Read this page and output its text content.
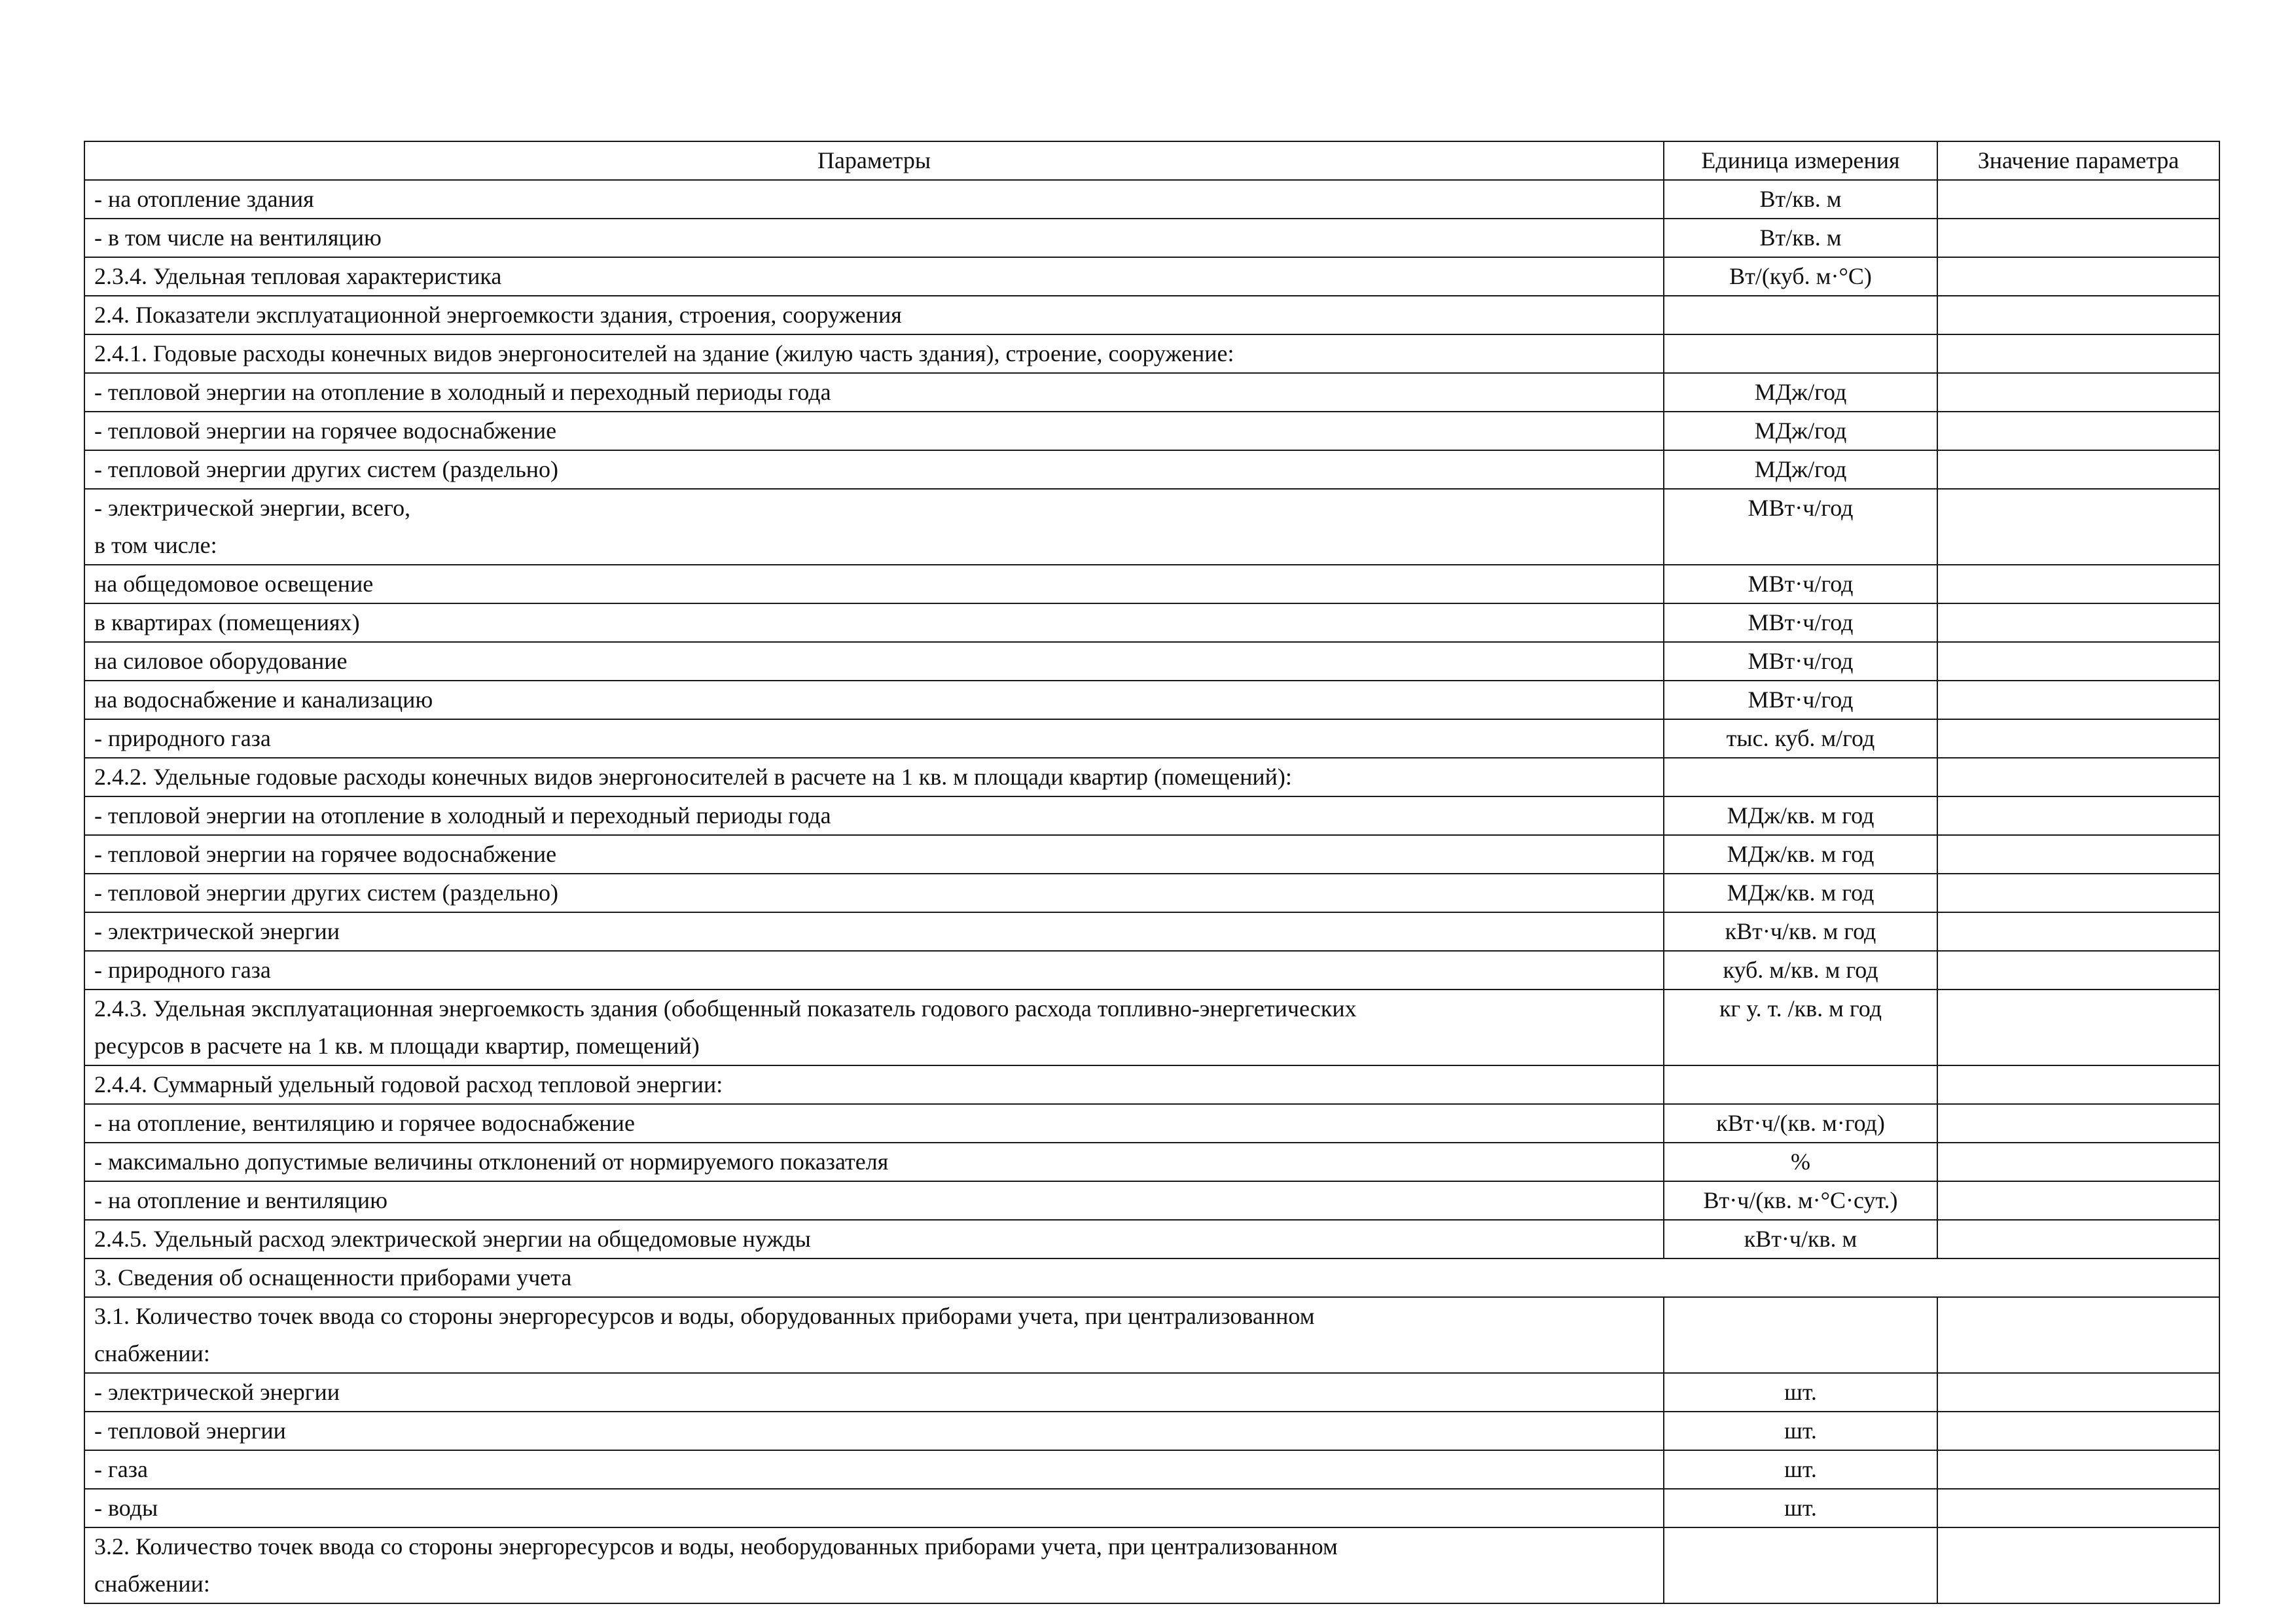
Параметры	Единица измерения	Значение параметра

- на отопление здания	Вт/кв. м	

- в том числе на вентиляцию	Вт/кв. м	

2.3.4. Удельная тепловая характеристика	Вт/(куб. м·°С)	

2.4. Показатели эксплуатационной энергоемкости здания, строения, сооружения		

2.4.1. Годовые расходы конечных видов энергоносителей на здание (жилую часть здания), строение, сооружение:		

- тепловой энергии на отопление в холодный и переходный периоды года	МДж/год	

- тепловой энергии на горячее водоснабжение	МДж/год	

- тепловой энергии других систем (раздельно)	МДж/год	

- электрической энергии, всего,
в том числе:	МВт·ч/год	

на общедомовое освещение	МВт·ч/год	

в квартирах (помещениях)	МВт·ч/год	

на силовое оборудование	МВт·ч/год	

на водоснабжение и канализацию	МВт·ч/год	

- природного газа	тыс. куб. м/год	

2.4.2. Удельные годовые расходы конечных видов энергоносителей в расчете на 1 кв. м площади квартир (помещений):		

- тепловой энергии на отопление в холодный и переходный периоды года	МДж/кв. м год	

- тепловой энергии на горячее водоснабжение	МДж/кв. м год	

- тепловой энергии других систем (раздельно)	МДж/кв. м год	

- электрической энергии	кВт·ч/кв. м год	

- природного газа	куб. м/кв. м год	

2.4.3. Удельная эксплуатационная энергоемкость здания (обобщенный показатель годового расхода топливно-энергетических
ресурсов в расчете на 1 кв. м площади квартир, помещений)	кг у. т. /кв. м год	

2.4.4. Суммарный удельный годовой расход тепловой энергии:		

- на отопление, вентиляцию и горячее водоснабжение	кВт·ч/(кв. м·год)	

- максимально допустимые величины отклонений от нормируемого показателя	%	

- на отопление и вентиляцию	Вт·ч/(кв. м·°С·сут.)	

2.4.5. Удельный расход электрической энергии на общедомовые нужды	кВт·ч/кв. м	

3. Сведения об оснащенности приборами учета		

3.1. Количество точек ввода со стороны энергоресурсов и воды, оборудованных приборами учета, при централизованном
снабжении:		

- электрической энергии	шт.	

- тепловой энергии	шт.	

- газа	шт.	

- воды	шт.	

3.2. Количество точек ввода со стороны энергоресурсов и воды, необорудованных приборами учета, при централизованном
снабжении:		
